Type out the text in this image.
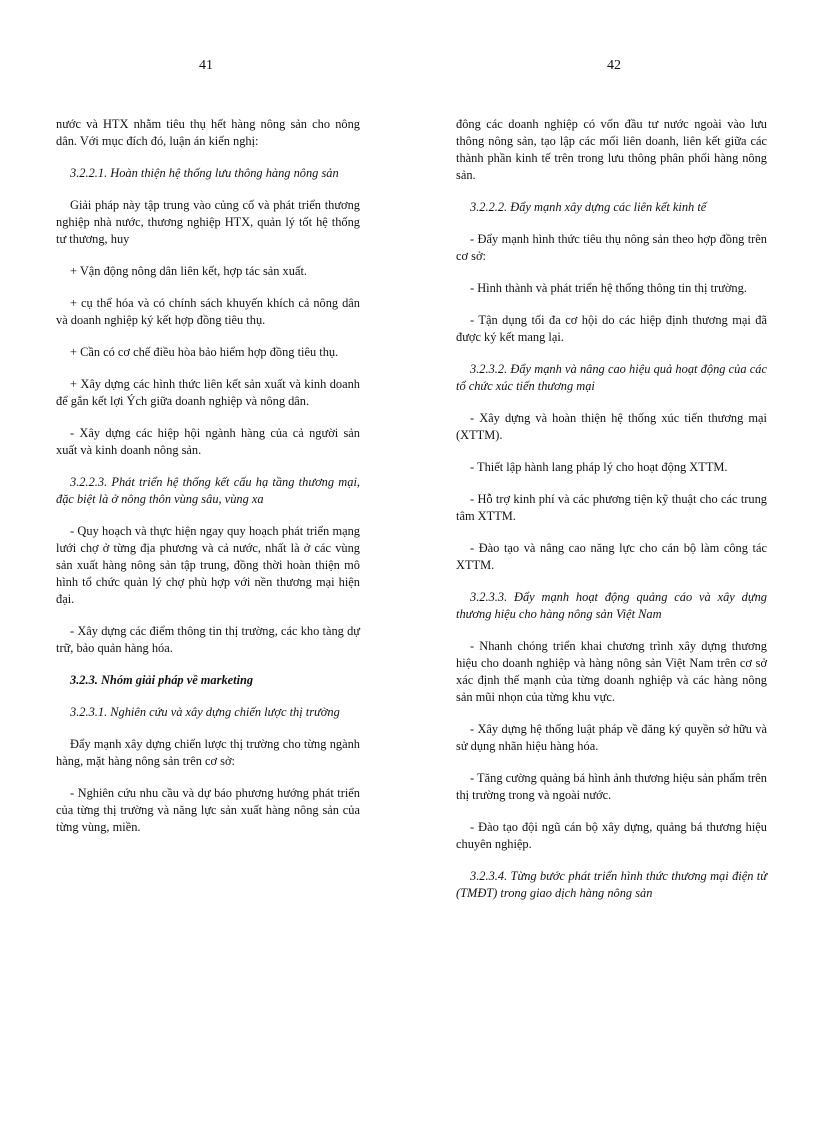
41	42

nước và HTX nhằm tiêu thụ hết hàng nông sản cho nông dân. Với mục đích đó, luận án kiến nghị:

3.2.2.1. Hoàn thiện hệ thống lưu thông hàng nông sản

Giải pháp này tập trung vào củng cố và phát triển thương nghiệp nhà nước, thương nghiệp HTX, quản lý tốt hệ thống tư thương, huy

+ Vận động nông dân liên kết, hợp tác sản xuất.

+ cụ thể hóa và có chính sách khuyến khích cả nông dân và doanh nghiệp ký kết hợp đồng tiêu thụ.

+ Cần có cơ chế điều hòa bảo hiểm hợp đồng tiêu thụ.

+ Xây dựng các hình thức liên kết sản xuất và kinh doanh để gắn kết lợi Ých giữa doanh nghiệp và nông dân.

- Xây dựng các hiệp hội ngành hàng của cả người sản xuất và kinh doanh nông sản.

3.2.2.3. Phát triển hệ thống kết cấu hạ tầng thương mại, đặc biệt là ở nông thôn vùng sâu, vùng xa

- Quy hoạch và thực hiện ngay quy hoạch phát triển mạng lưới chợ ở từng địa phương và cả nước, nhất là ở các vùng sản xuất hàng nông sản tập trung, đồng thời hoàn thiện mô hình tổ chức quản lý chợ phù hợp với nền thương mại hiện đại.

- Xây dựng các điểm thông tin thị trường, các kho tàng dự trữ, bảo quản hàng hóa.

3.2.3. Nhóm giải pháp về marketing

3.2.3.1. Nghiên cứu và xây dựng chiến lược thị trường

Đẩy mạnh xây dựng chiến lược thị trường cho từng ngành hàng, mặt hàng nông sản trên cơ sở:

- Nghiên cứu nhu cầu và dự báo phương hướng phát triển của từng thị trường và năng lực sản xuất hàng nông sản của từng vùng, miền.

đông các doanh nghiệp có vốn đầu tư nước ngoài vào lưu thông nông sản, tạo lập các mối liên doanh, liên kết giữa các thành phần kinh tế trên trong lưu thông phân phối hàng nông sản.

3.2.2.2. Đẩy mạnh xây dựng các liên kết kinh tế

- Đẩy mạnh hình thức tiêu thụ nông sản theo hợp đồng trên cơ sở:

- Hình thành và phát triển hệ thống thông tin thị trường.

- Tận dụng tối đa cơ hội do các hiệp định thương mại đã được ký kết mang lại.

3.2.3.2. Đẩy mạnh và nâng cao hiệu quả hoạt động của các tổ chức xúc tiến thương mại

- Xây dựng và hoàn thiện hệ thống xúc tiến thương mại (XTTM).

- Thiết lập hành lang pháp lý cho hoạt động XTTM.

- Hỗ trợ kinh phí và các phương tiện kỹ thuật cho các trung tâm XTTM.

- Đào tạo và nâng cao năng lực cho cán bộ làm công tác XTTM.

3.2.3.3. Đẩy mạnh hoạt động quảng cáo và xây dựng thương hiệu cho hàng nông sản Việt Nam

- Nhanh chóng triển khai chương trình xây dựng thương hiệu cho doanh nghiệp và hàng nông sản Việt Nam trên cơ sở xác định thế mạnh của từng doanh nghiệp và các hàng nông sản mũi nhọn của từng khu vực.

- Xây dựng hệ thống luật pháp về đăng ký quyền sở hữu và sử dụng nhãn hiệu hàng hóa.

- Tăng cường quảng bá hình ảnh thương hiệu sản phẩm trên thị trường trong và ngoài nước.

- Đào tạo đội ngũ cán bộ xây dựng, quảng bá thương hiệu chuyên nghiệp.

3.2.3.4. Từng bước phát triển hình thức thương mại điện tử (TMĐT) trong giao dịch hàng nông sản
